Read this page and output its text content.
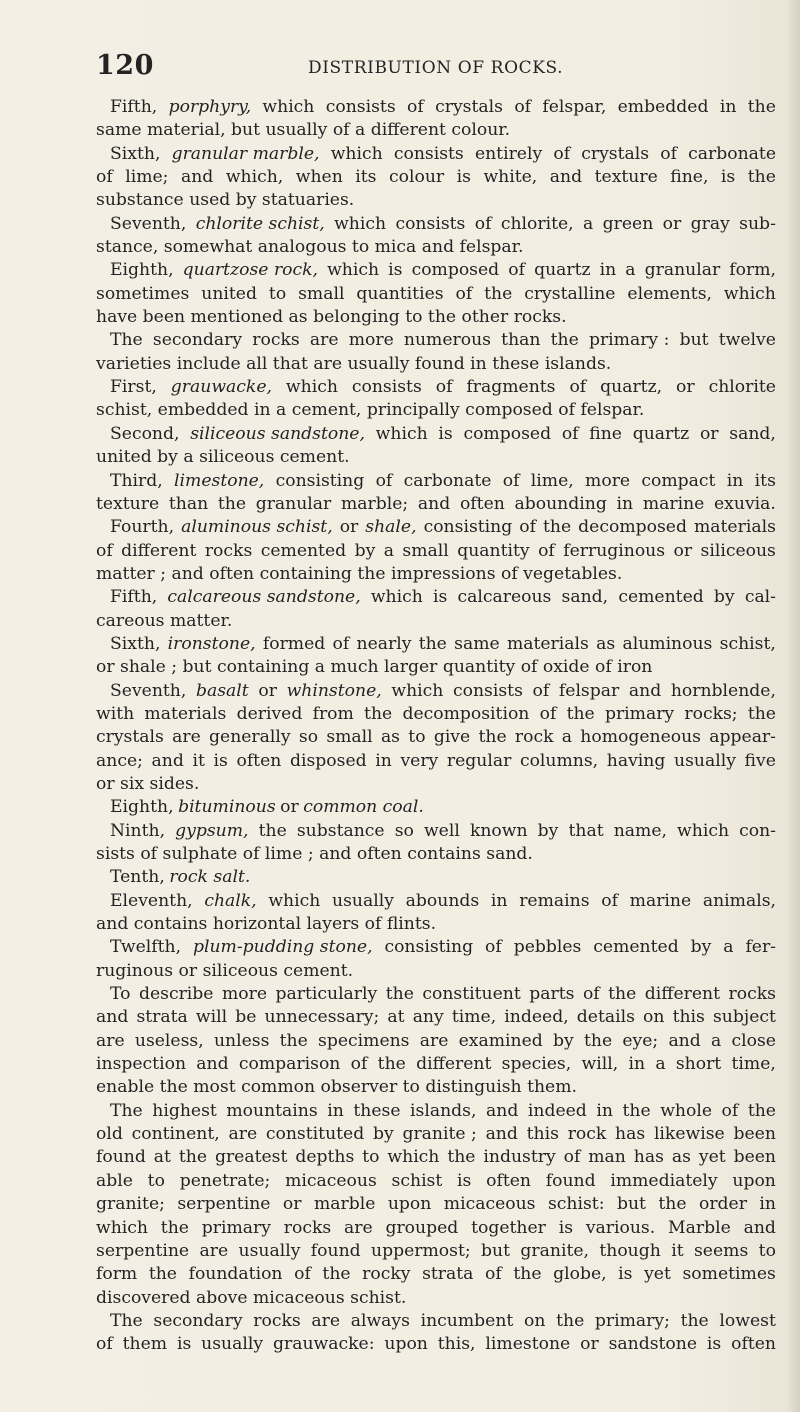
120	DISTRIBUTION OF ROCKS.
Fifth, porphyry, which consists of crystals of felspar, embedded in the
same material, but usually of a different colour.
Sixth, granular marble, which consists entirely of crystals of carbonate
of lime; and which, when its colour is white, and texture fine, is the
substance used by statuaries.
Seventh, chlorite schist, which consists of chlorite, a green or gray sub-
stance, somewhat analogous to mica and felspar.
Eighth, quartzose rock, which is composed of quartz in a granular form,
sometimes united to small quantities of the crystalline elements, which
have been mentioned as belonging to the other rocks.
The secondary rocks are more numerous than the primary : but twelve
varieties include all that are usually found in these islands.
First, grauwacke, which consists of fragments of quartz, or chlorite
schist, embedded in a cement, principally composed of felspar.
Second, siliceous sandstone, which is composed of fine quartz or sand,
united by a siliceous cement.
Third, limestone, consisting of carbonate of lime, more compact in its
texture than the granular marble; and often abounding in marine exuvia.
Fourth, aluminous schist, or shale, consisting of the decomposed materials
of different rocks cemented by a small quantity of ferruginous or siliceous
matter ; and often containing the impressions of vegetables.
Fifth, calcareous sandstone, which is calcareous sand, cemented by cal-
careous matter.
Sixth, ironstone, formed of nearly the same materials as aluminous schist,
or shale ; but containing a much larger quantity of oxide of iron
Seventh, basalt or whinstone, which consists of felspar and hornblende,
with materials derived from the decomposition of the primary rocks; the
crystals are generally so small as to give the rock a homogeneous appear-
ance; and it is often disposed in very regular columns, having usually five
or six sides.
Eighth, bituminous or common coal.
Ninth, gypsum, the substance so well known by that name, which con-
sists of sulphate of lime ; and often contains sand.
Tenth, rock salt.
Eleventh, chalk, which usually abounds in remains of marine animals,
and contains horizontal layers of flints.
Twelfth, plum-pudding stone, consisting of pebbles cemented by a fer-
ruginous or siliceous cement.
To describe more particularly the constituent parts of the different rocks
and strata will be unnecessary; at any time, indeed, details on this subject
are useless, unless the specimens are examined by the eye; and a close
inspection and comparison of the different species, will, in a short time,
enable the most common observer to distinguish them.
The highest mountains in these islands, and indeed in the whole of the
old continent, are constituted by granite ; and this rock has likewise been
found at the greatest depths to which the industry of man has as yet been
able to penetrate; micaceous schist is often found immediately upon
granite; serpentine or marble upon micaceous schist: but the order in
which the primary rocks are grouped together is various. Marble and
serpentine are usually found uppermost; but granite, though it seems to
form the foundation of the rocky strata of the globe, is yet sometimes
discovered above micaceous schist.
The secondary rocks are always incumbent on the primary; the lowest
of them is usually grauwacke: upon this, limestone or sandstone is often
